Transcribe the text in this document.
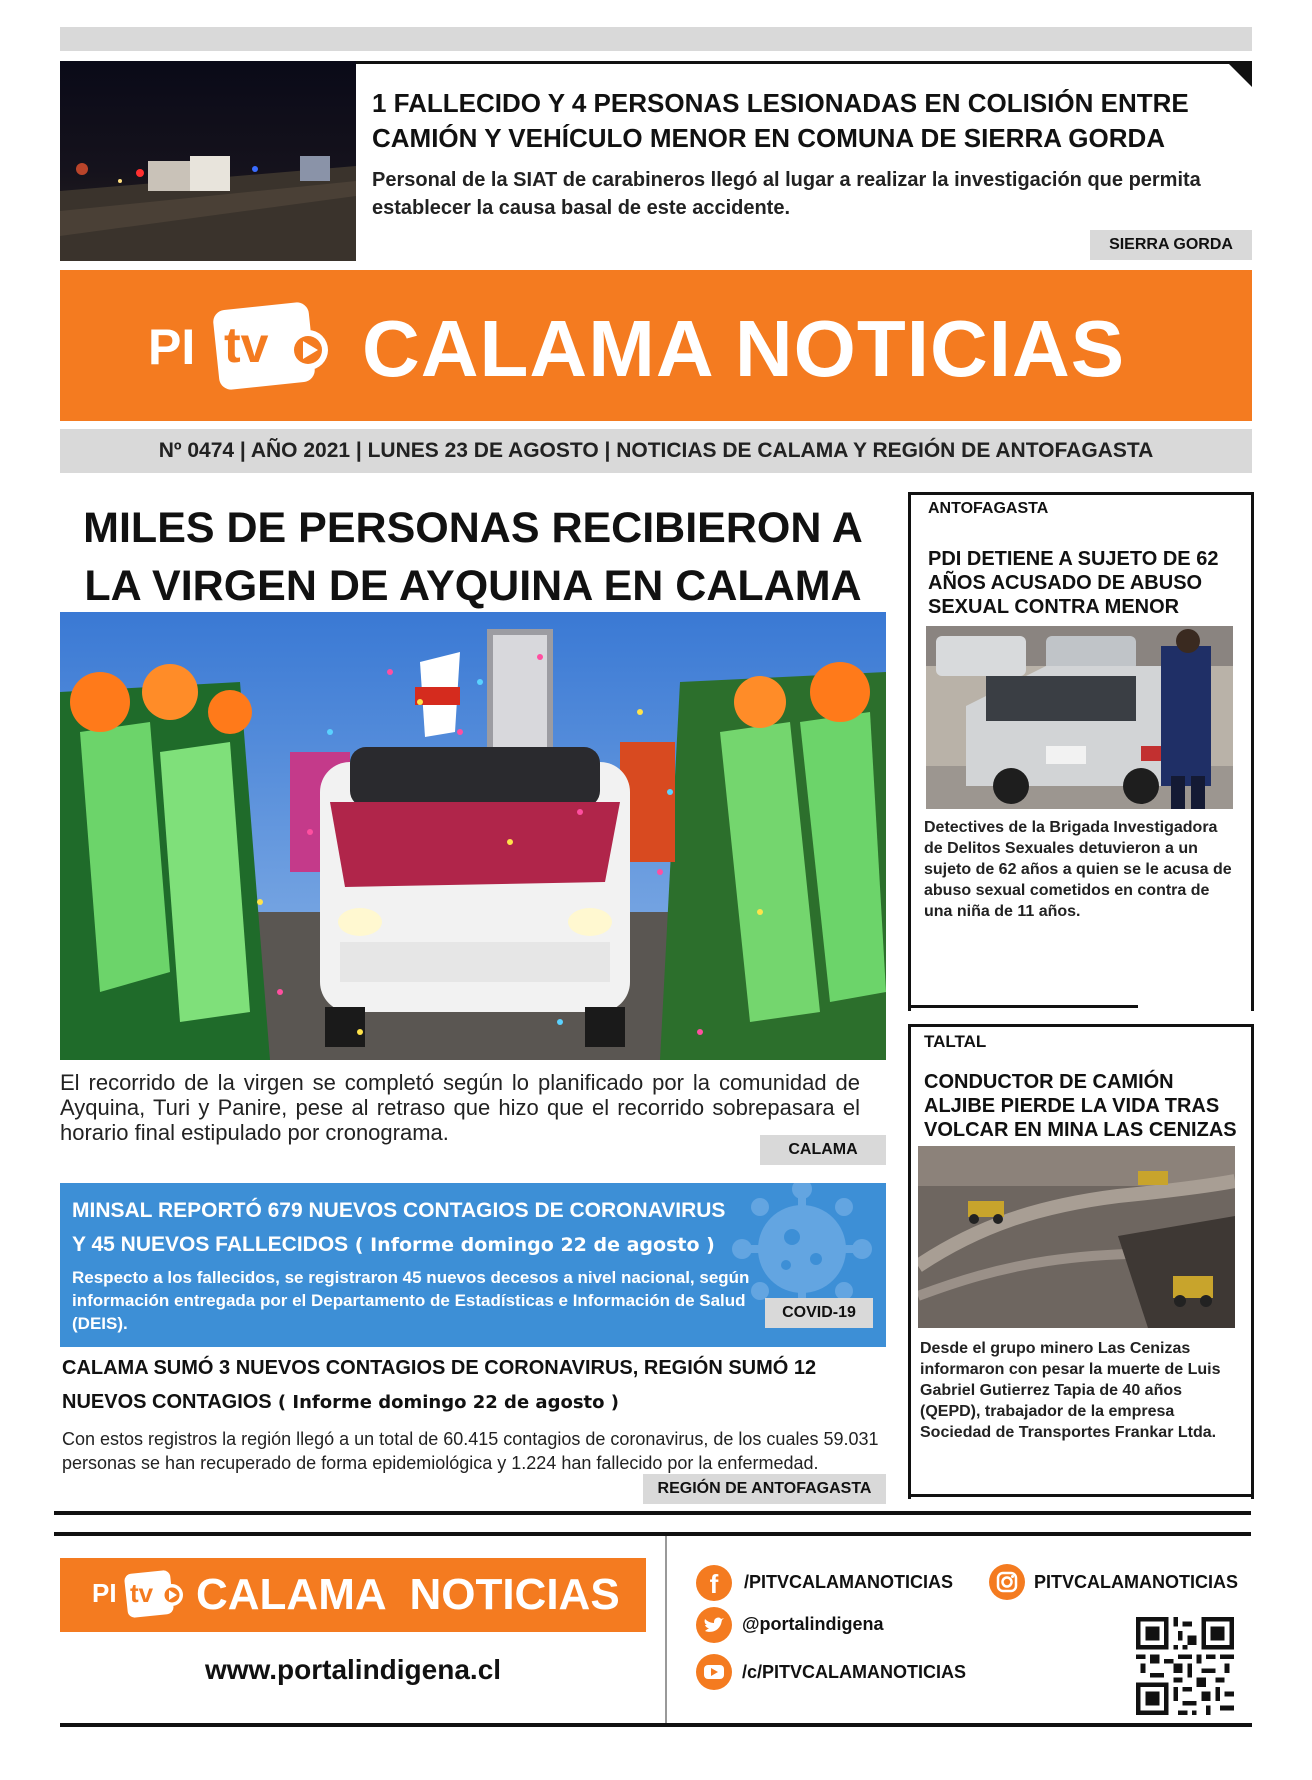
1 FALLECIDO Y 4 PERSONAS LESIONADAS EN COLISIÓN ENTRE CAMIÓN Y VEHÍCULO MENOR EN COMUNA DE SIERRA GORDA
Personal de la SIAT de carabineros llegó al lugar a realizar la investigación que permita establecer la causa basal de este accidente.
SIERRA GORDA
PI tv CALAMA NOTICIAS
Nº 0474 | AÑO 2021 | LUNES 23 DE AGOSTO | NOTICIAS DE CALAMA Y REGIÓN DE ANTOFAGASTA
MILES DE PERSONAS RECIBIERON A
LA VIRGEN DE AYQUINA EN CALAMA
El recorrido de la virgen se completó según lo planificado por la comunidad de Ayquina, Turi y Panire, pese al retraso que hizo que el recorrido sobrepasara el horario final estipulado por cronograma.
CALAMA
MINSAL REPORTÓ 679 NUEVOS CONTAGIOS DE CORONAVIRUS
Y 45 NUEVOS FALLECIDOS ( Informe domingo 22 de agosto )
Respecto a los fallecidos, se registraron 45 nuevos decesos a nivel nacional, según información entregada por el Departamento de Estadísticas e Información de Salud (DEIS).
COVID-19
CALAMA SUMÓ 3 NUEVOS CONTAGIOS DE CORONAVIRUS, REGIÓN SUMÓ 12
NUEVOS CONTAGIOS ( Informe domingo 22 de agosto )
Con estos registros la región llegó a un total de 60.415 contagios de coronavirus, de los cuales 59.031 personas se han recuperado de forma epidemiológica y 1.224 han fallecido por la enfermedad.
REGIÓN DE ANTOFAGASTA
ANTOFAGASTA
PDI DETIENE A SUJETO DE 62 AÑOS ACUSADO DE ABUSO SEXUAL CONTRA MENOR
Detectives de la Brigada Investigadora de Delitos Sexuales detuvieron a un sujeto de 62 años a quien se le acusa de abuso sexual cometidos en contra de una niña de 11 años.
TALTAL
CONDUCTOR DE CAMIÓN ALJIBE PIERDE LA VIDA TRAS VOLCAR EN MINA LAS CENIZAS
Desde el grupo minero Las Cenizas informaron con pesar la muerte de Luis Gabriel Gutierrez Tapia de 40 años (QEPD), trabajador de la empresa Sociedad de Transportes Frankar Ltda.
PI tv CALAMA  NOTICIAS
www.portalindigena.cl
f	/PITVCALAMANOTICIAS	PITVCALAMANOTICIAS
@portalindigena
/c/PITVCALAMANOTICIAS
